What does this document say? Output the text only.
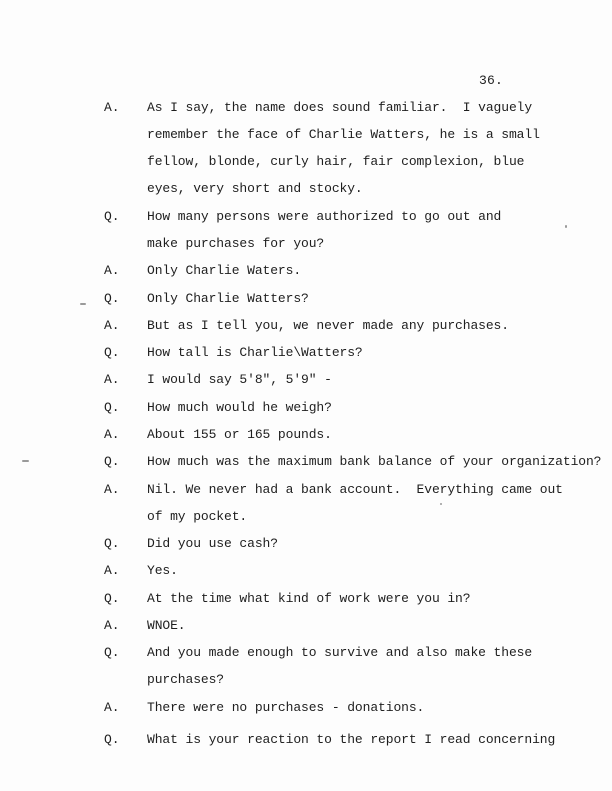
36.
A. As I say, the name does sound familiar.  I vaguely
remember the face of Charlie Watters, he is a small
fellow, blonde, curly hair, fair complexion, blue
eyes, very short and stocky.
Q. How many persons were authorized to go out and
make purchases for you?
A. Only Charlie Waters.
Q. Only Charlie Watters?
A. But as I tell you, we never made any purchases.
Q. How tall is Charlie\Watters?
A. I would say 5'8", 5'9" -
Q. How much would he weigh?
A. About 155 or 165 pounds.
Q. How much was the maximum bank balance of your organization?
A. Nil. We never had a bank account.  Everything came out
of my pocket.
Q. Did you use cash?
A. Yes.
Q. At the time what kind of work were you in?
A. WNOE.
Q. And you made enough to survive and also make these
purchases?
A. There were no purchases - donations.
Q. What is your reaction to the report I read concerning
